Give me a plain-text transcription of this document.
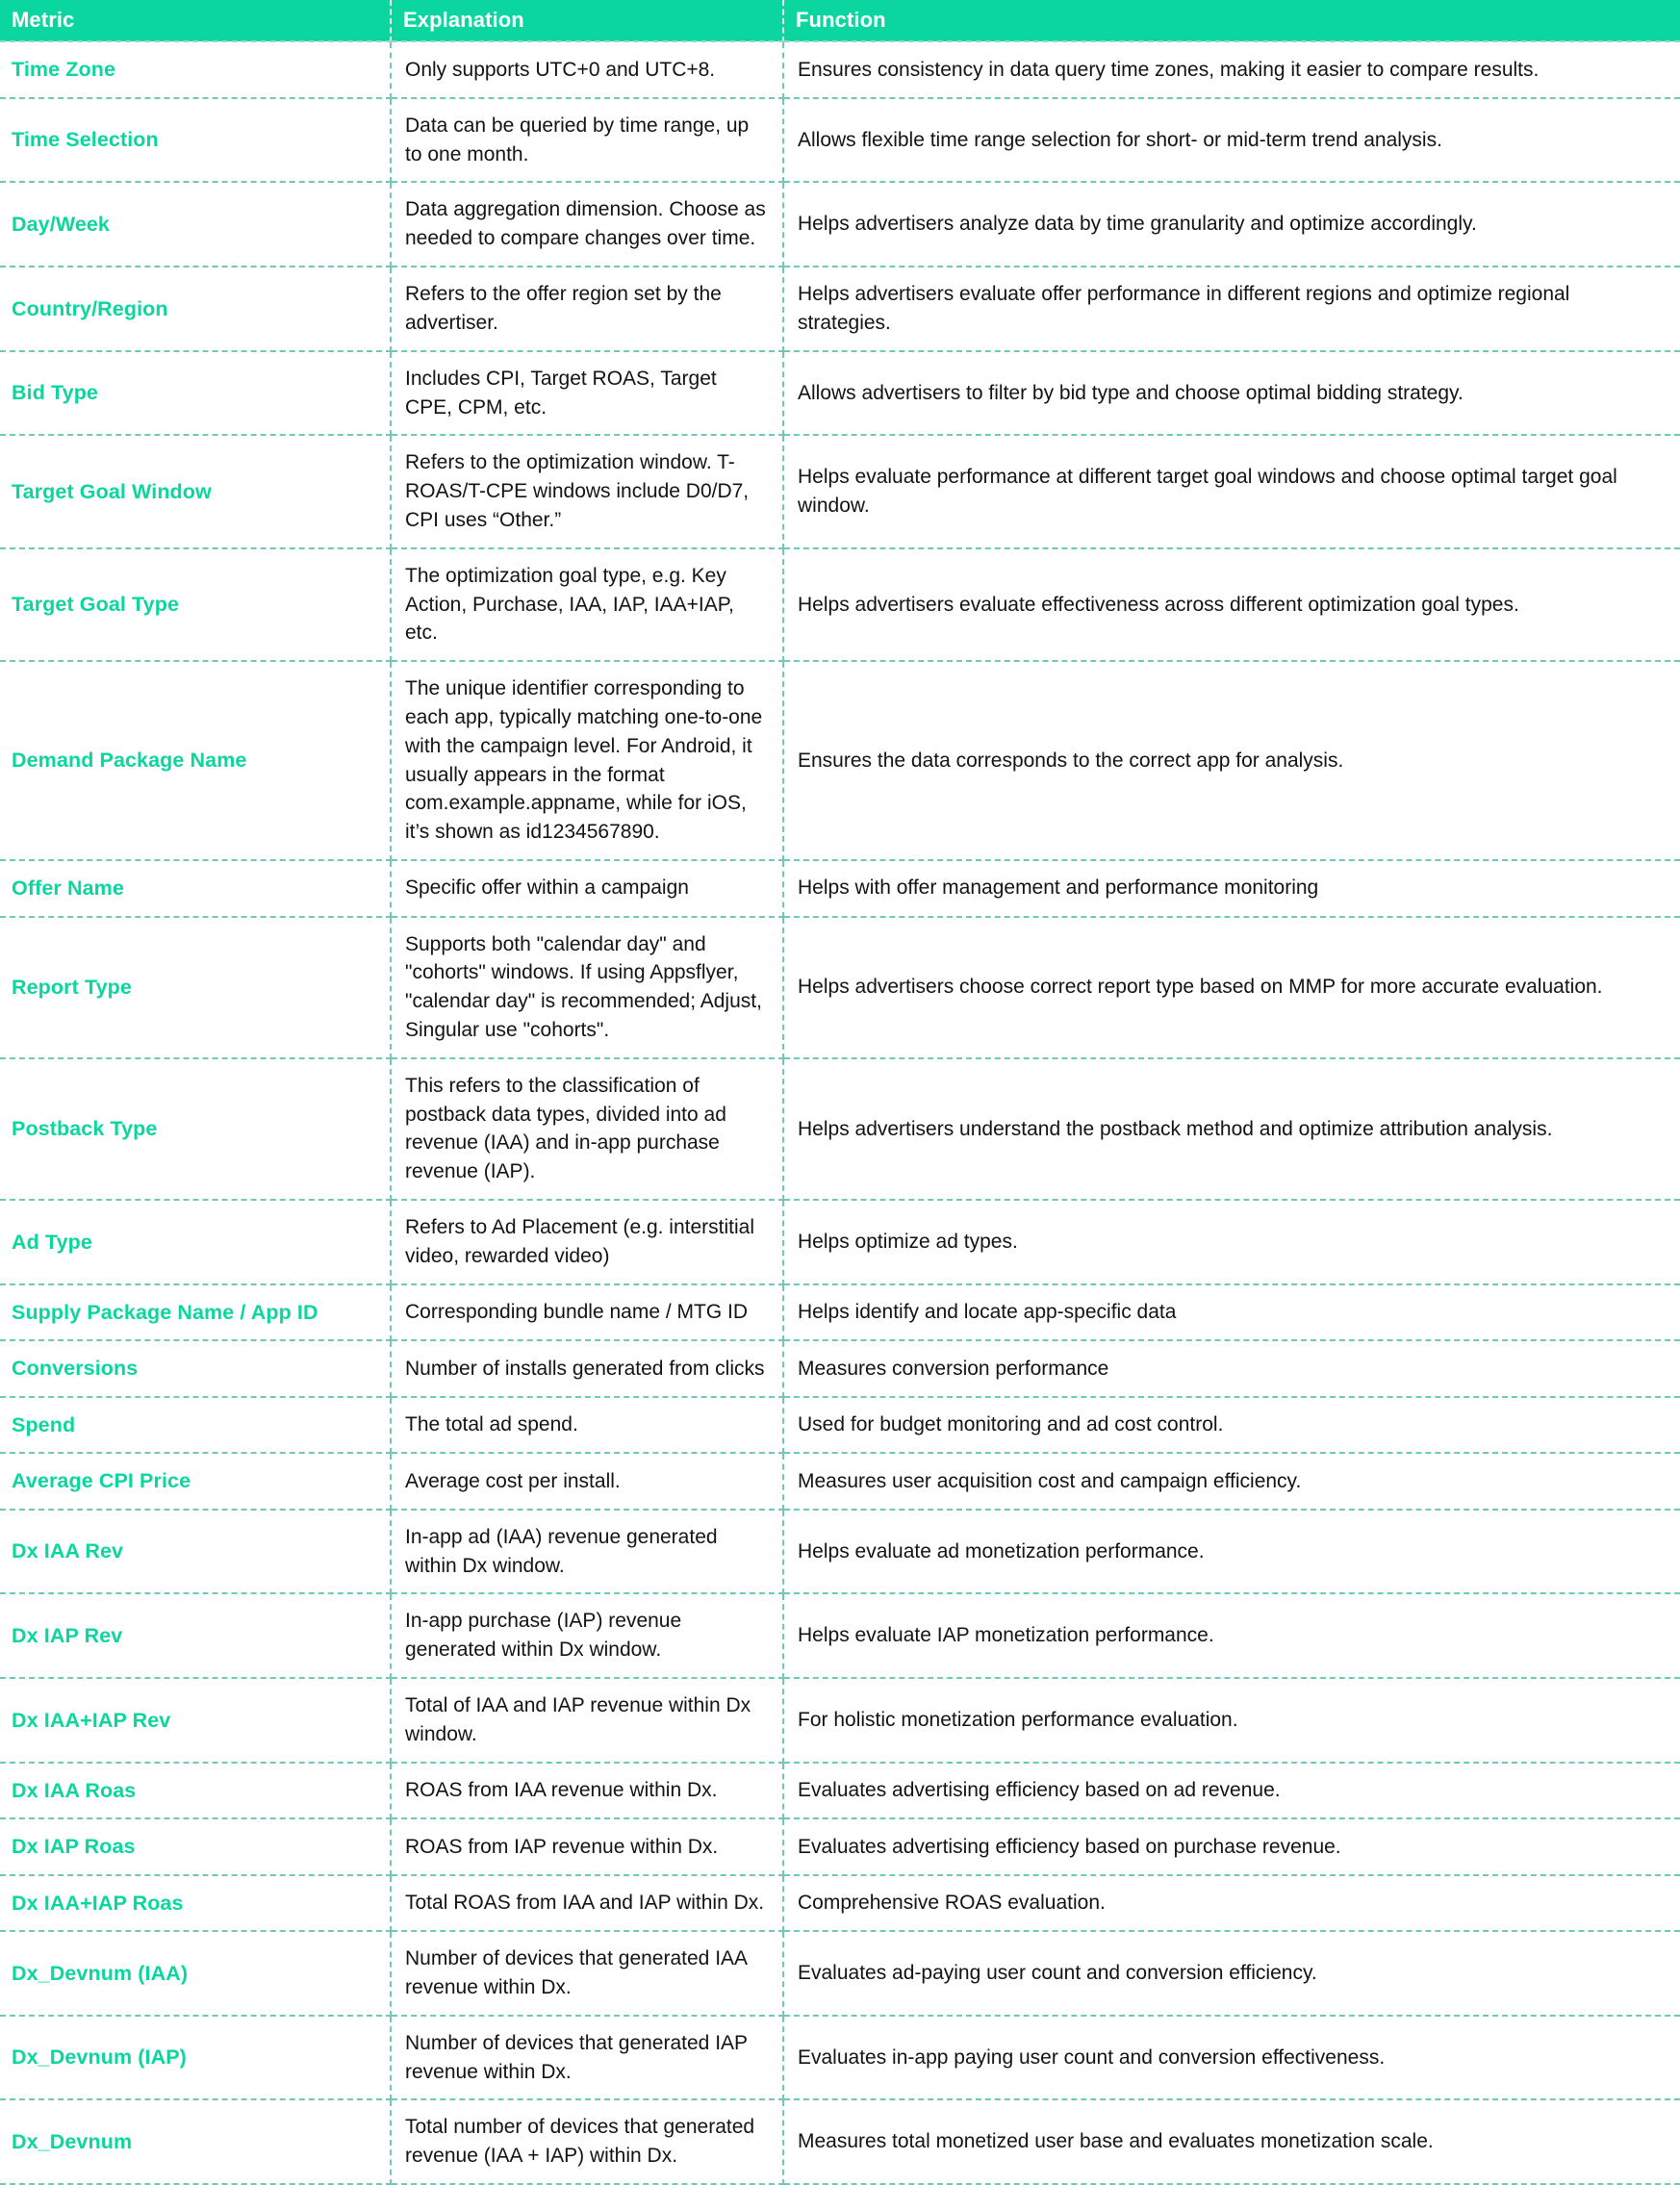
Metric	Explanation	Function
Time Zone	Only supports UTC+0 and UTC+8.	Ensures consistency in data query time zones, making it easier to compare results.
Time Selection	Data can be queried by time range, up to one month.	Allows flexible time range selection for short- or mid-term trend analysis.
Day/Week	Data aggregation dimension. Choose as needed to compare changes over time.	Helps advertisers analyze data by time granularity and optimize accordingly.
Country/Region	Refers to the offer region set by the advertiser.	Helps advertisers evaluate offer performance in different regions and optimize regional strategies.
Bid Type	Includes CPI, Target ROAS, Target CPE, CPM, etc.	Allows advertisers to filter by bid type and choose optimal bidding strategy.
Target Goal Window	Refers to the optimization window. T-ROAS/T-CPE windows include D0/D7, CPI uses “Other.”	Helps evaluate performance at different target goal windows and choose optimal target goal window.
Target Goal Type	The optimization goal type, e.g. Key Action, Purchase, IAA, IAP, IAA+IAP, etc.	Helps advertisers evaluate effectiveness across different optimization goal types.
Demand Package Name	The unique identifier corresponding to each app, typically matching one-to-one with the campaign level. For Android, it usually appears in the format com.example.appname, while for iOS, it’s shown as id1234567890.	Ensures the data corresponds to the correct app for analysis.
Offer Name	Specific offer within a campaign	Helps with offer management and performance monitoring
Report Type	Supports both "calendar day" and "cohorts" windows. If using Appsflyer, "calendar day" is recommended; Adjust, Singular use "cohorts".	Helps advertisers choose correct report type based on MMP for more accurate evaluation.
Postback Type	This refers to the classification of postback data types, divided into ad revenue (IAA) and in-app purchase revenue (IAP).	Helps advertisers understand the postback method and optimize attribution analysis.
Ad Type	Refers to Ad Placement (e.g. interstitial video, rewarded video)	Helps optimize ad types.
Supply Package Name / App ID	Corresponding bundle name / MTG ID	Helps identify and locate app-specific data
Conversions	Number of installs generated from clicks	Measures conversion performance
Spend	The total ad spend.	Used for budget monitoring and ad cost control.
Average CPI Price	Average cost per install.	Measures user acquisition cost and campaign efficiency.
Dx IAA Rev	In-app ad (IAA) revenue generated within Dx window.	Helps evaluate ad monetization performance.
Dx IAP Rev	In-app purchase (IAP) revenue generated within Dx window.	Helps evaluate IAP monetization performance.
Dx IAA+IAP Rev	Total of IAA and IAP revenue within Dx window.	For holistic monetization performance evaluation.
Dx IAA Roas	ROAS from IAA revenue within Dx.	Evaluates advertising efficiency based on ad revenue.
Dx IAP Roas	ROAS from IAP revenue within Dx.	Evaluates advertising efficiency based on purchase revenue.
Dx IAA+IAP Roas	Total ROAS from IAA and IAP within Dx.	Comprehensive ROAS evaluation.
Dx_Devnum (IAA)	Number of devices that generated IAA revenue within Dx.	Evaluates ad-paying user count and conversion efficiency.
Dx_Devnum (IAP)	Number of devices that generated IAP revenue within Dx.	Evaluates in-app paying user count and conversion effectiveness.
Dx_Devnum	Total number of devices that generated revenue (IAA + IAP) within Dx.	Measures total monetized user base and evaluates monetization scale.
